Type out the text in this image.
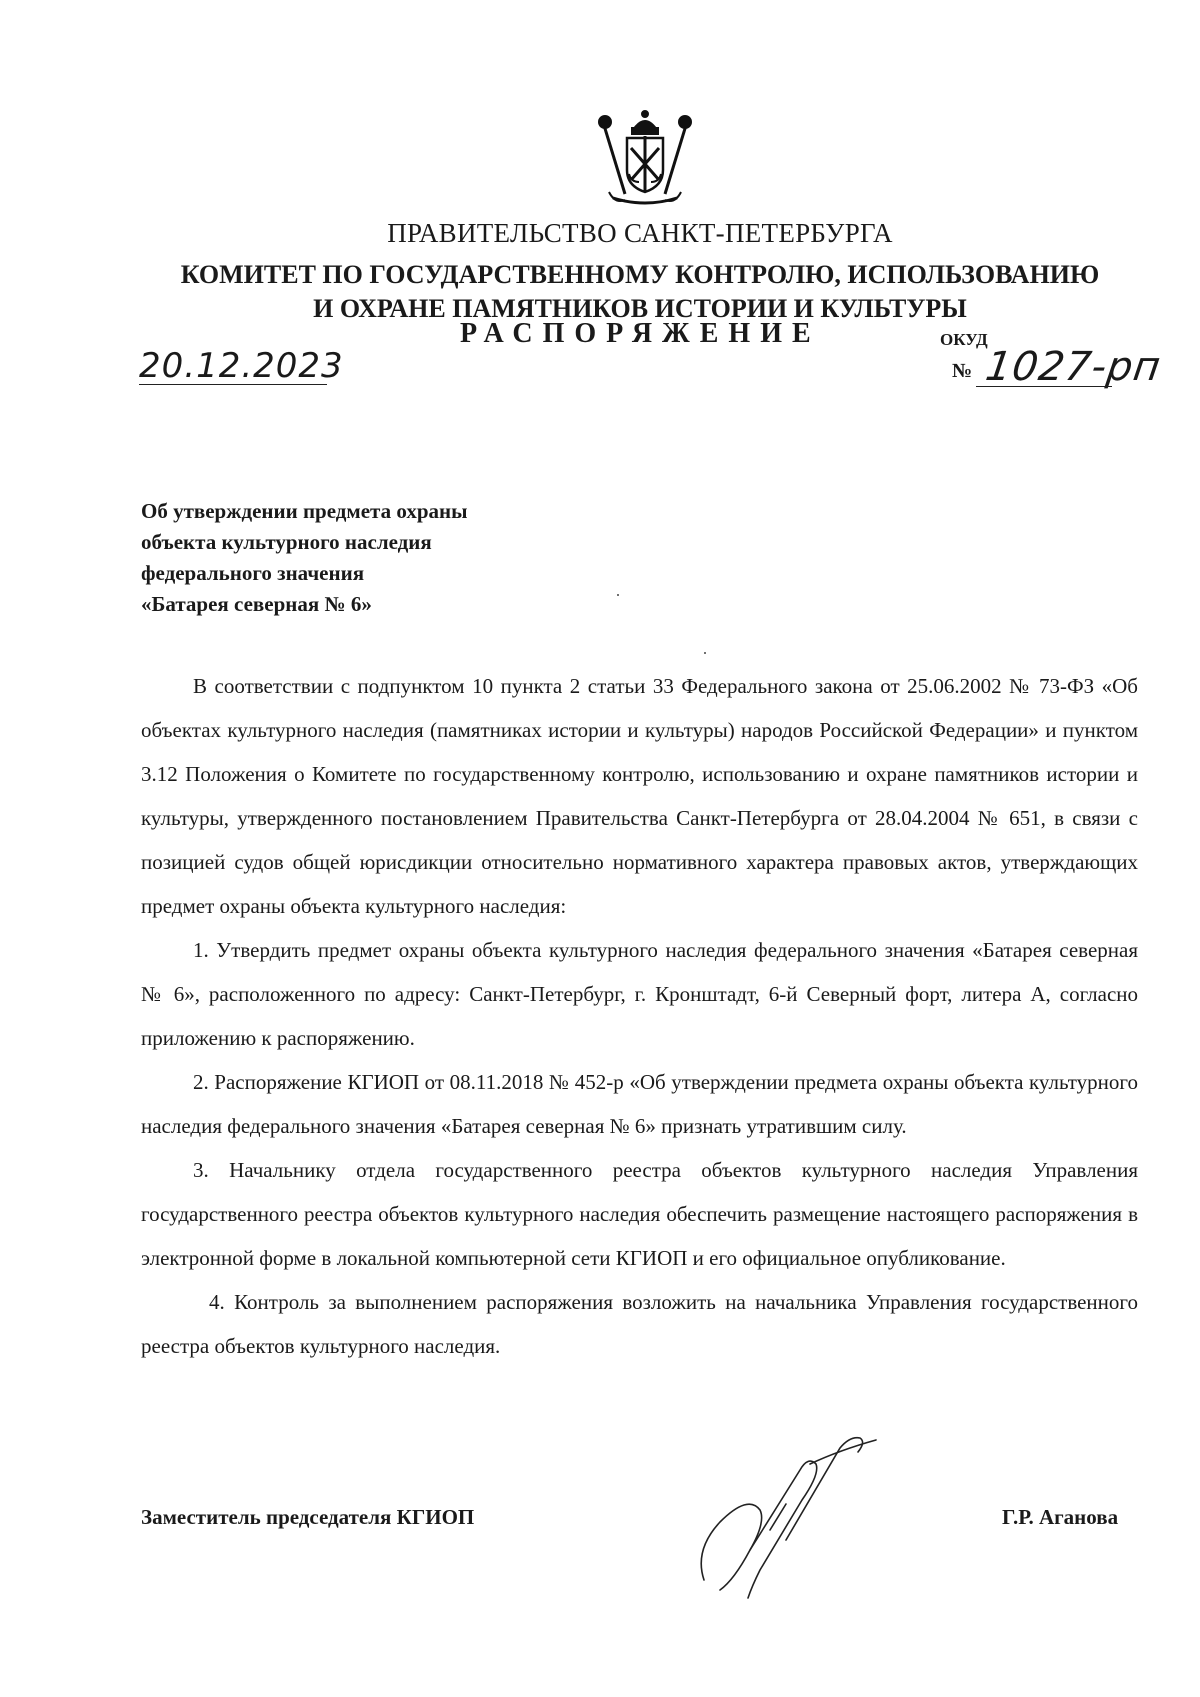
ПРАВИТЕЛЬСТВО САНКТ-ПЕТЕРБУРГА
КОМИТЕТ ПО ГОСУДАРСТВЕННОМУ КОНТРОЛЮ, ИСПОЛЬЗОВАНИЮ
И ОХРАНЕ ПАМЯТНИКОВ ИСТОРИИ И КУЛЬТУРЫ
РАСПОРЯЖЕНИЕ	ОКУД
№ 1027-рп
20.12.2023
Об утверждении предмета охраны
объекта культурного наследия
федерального значения
«Батарея северная № 6»

В соответствии с подпунктом 10 пункта 2 статьи 33 Федерального закона от 25.06.2002 № 73-ФЗ «Об объектах культурного наследия (памятниках истории и культуры) народов Российской Федерации» и пунктом 3.12 Положения о Комитете по государственному контролю, использованию и охране памятников истории и культуры, утвержденного постановлением Правительства Санкт-Петербурга от 28.04.2004 № 651, в связи с позицией судов общей юрисдикции относительно нормативного характера правовых актов, утверждающих предмет охраны объекта культурного наследия:

1. Утвердить предмет охраны объекта культурного наследия федерального значения «Батарея северная № 6», расположенного по адресу: Санкт-Петербург, г. Кронштадт, 6-й Северный форт, литера А, согласно приложению к распоряжению.

2. Распоряжение КГИОП от 08.11.2018 № 452-р «Об утверждении предмета охраны объекта культурного наследия федерального значения «Батарея северная № 6» признать утратившим силу.

3. Начальнику отдела государственного реестра объектов культурного наследия Управления государственного реестра объектов культурного наследия обеспечить размещение настоящего распоряжения в электронной форме в локальной компьютерной сети КГИОП и его официальное опубликование.

4. Контроль за выполнением распоряжения возложить на начальника Управления государственного реестра объектов культурного наследия.

Заместитель председателя КГИОП	Г.Р. Аганова
